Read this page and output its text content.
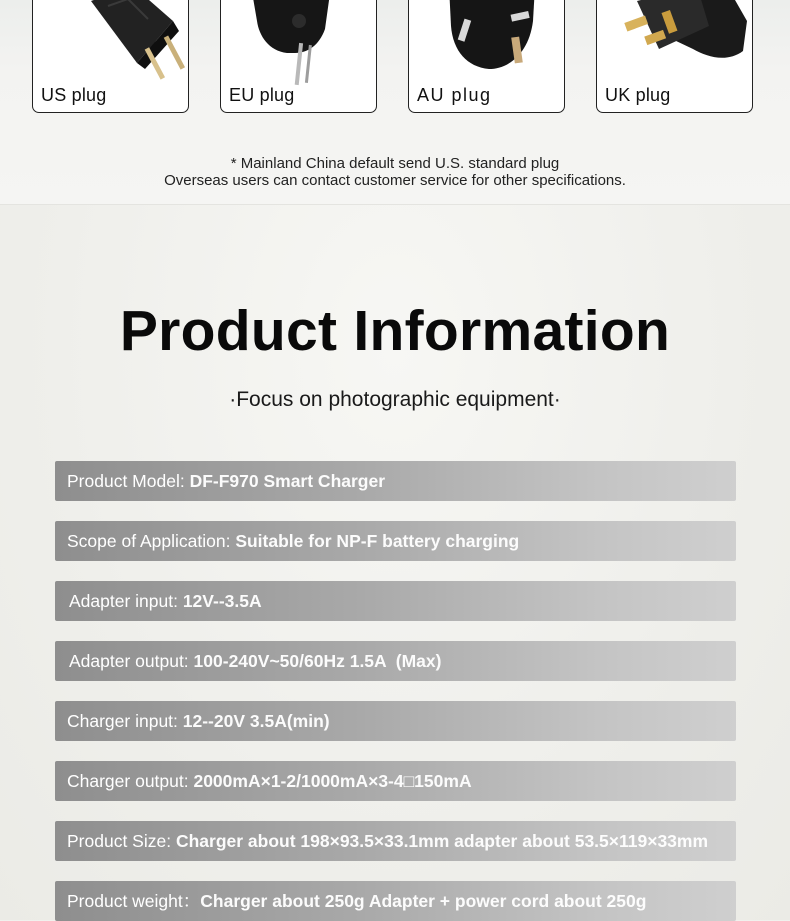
US plug	EU plug	AU plug	UK plug
* Mainland China default send U.S. standard plug
Overseas users can contact customer service for other specifications.
Product Information
·Focus on photographic equipment·
Product Model: DF-F970 Smart Charger
Scope of Application: Suitable for NP-F battery charging
Adapter input: 12V--3.5A
Adapter output: 100-240V~50/60Hz 1.5A  (Max)
Charger input: 12--20V 3.5A(min)
Charger output: 2000mA×1-2/1000mA×3-4□150mA
Product Size: Charger about 198×93.5×33.1mm adapter about 53.5×119×33mm
Product weight：Charger about 250g Adapter + power cord about 250g
